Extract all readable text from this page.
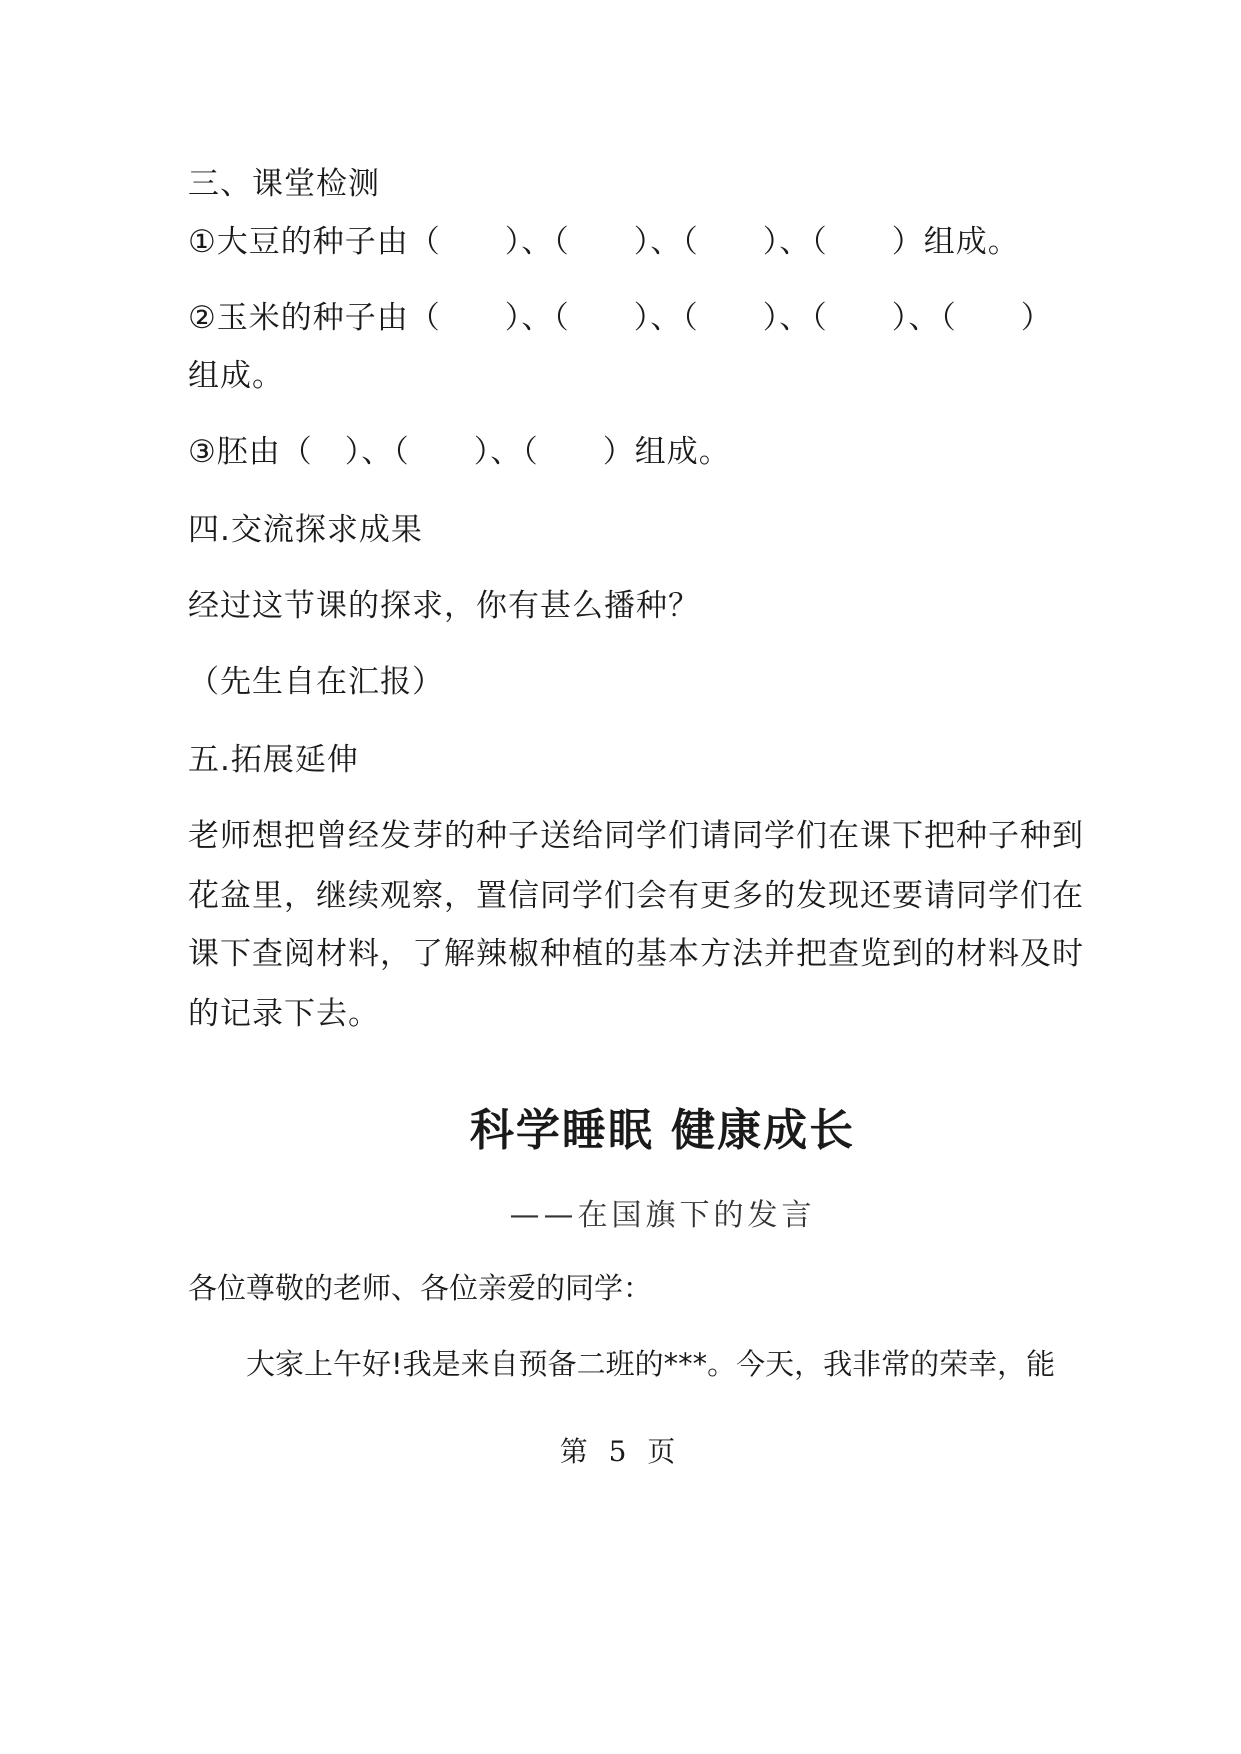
三、课堂检测
①大豆的种子由（　　）、（　　）、（　　）、（　　）组成。
②玉米的种子由（　　）、（　　）、（　　）、（　　）、（　　）
组成。
③胚由（　）、（　　）、（　　）组成。
四.交流探求成果
经过这节课的探求，你有甚么播种？
（先生自在汇报）
五.拓展延伸
老师想把曾经发芽的种子送给同学们请同学们在课下把种子种到
花盆里，继续观察，置信同学们会有更多的发现还要请同学们在
课下查阅材料，了解辣椒种植的基本方法并把查览到的材料及时
的记录下去。
科学睡眠 健康成长
——在国旗下的发言
各位尊敬的老师、各位亲爱的同学：
大家上午好!我是来自预备二班的***。今天，我非常的荣幸，能
第 5 页
